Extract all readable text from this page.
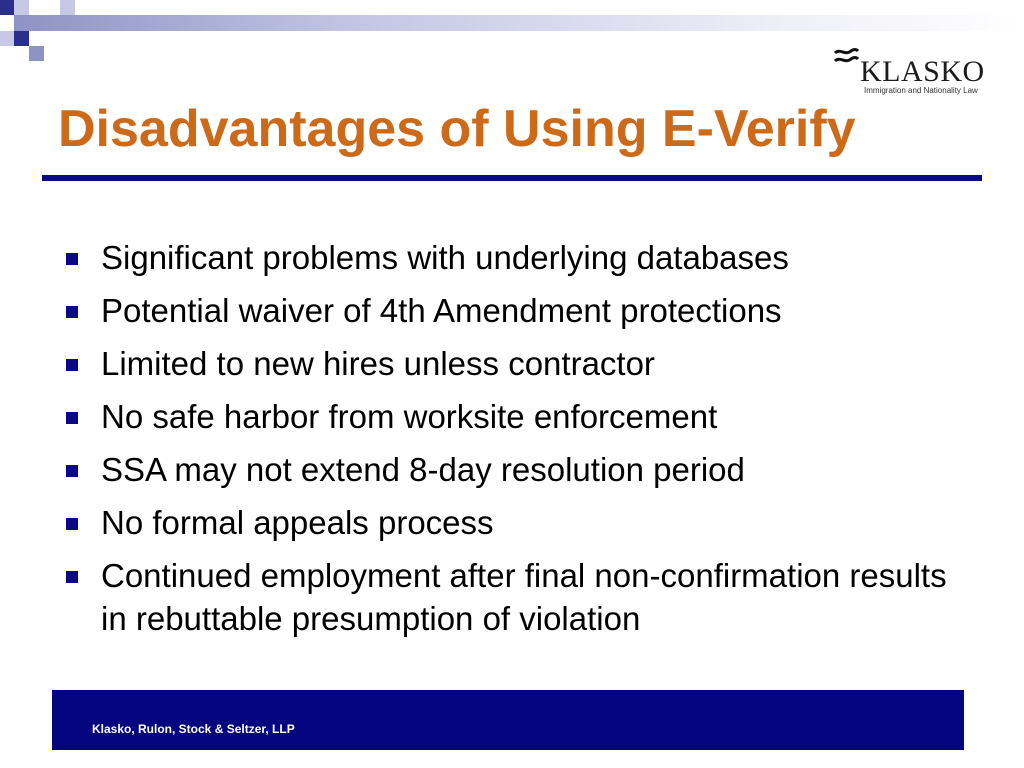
KLASKO
Immigration and Nationality Law
Disadvantages of Using E-Verify
Significant problems with underlying databases
Potential waiver of 4th Amendment protections
Limited to new hires unless contractor
No safe harbor from worksite enforcement
SSA may not extend 8-day resolution period
No formal appeals process
Continued employment after final non-confirmation results in rebuttable presumption of violation
Klasko, Rulon, Stock & Seltzer, LLP
